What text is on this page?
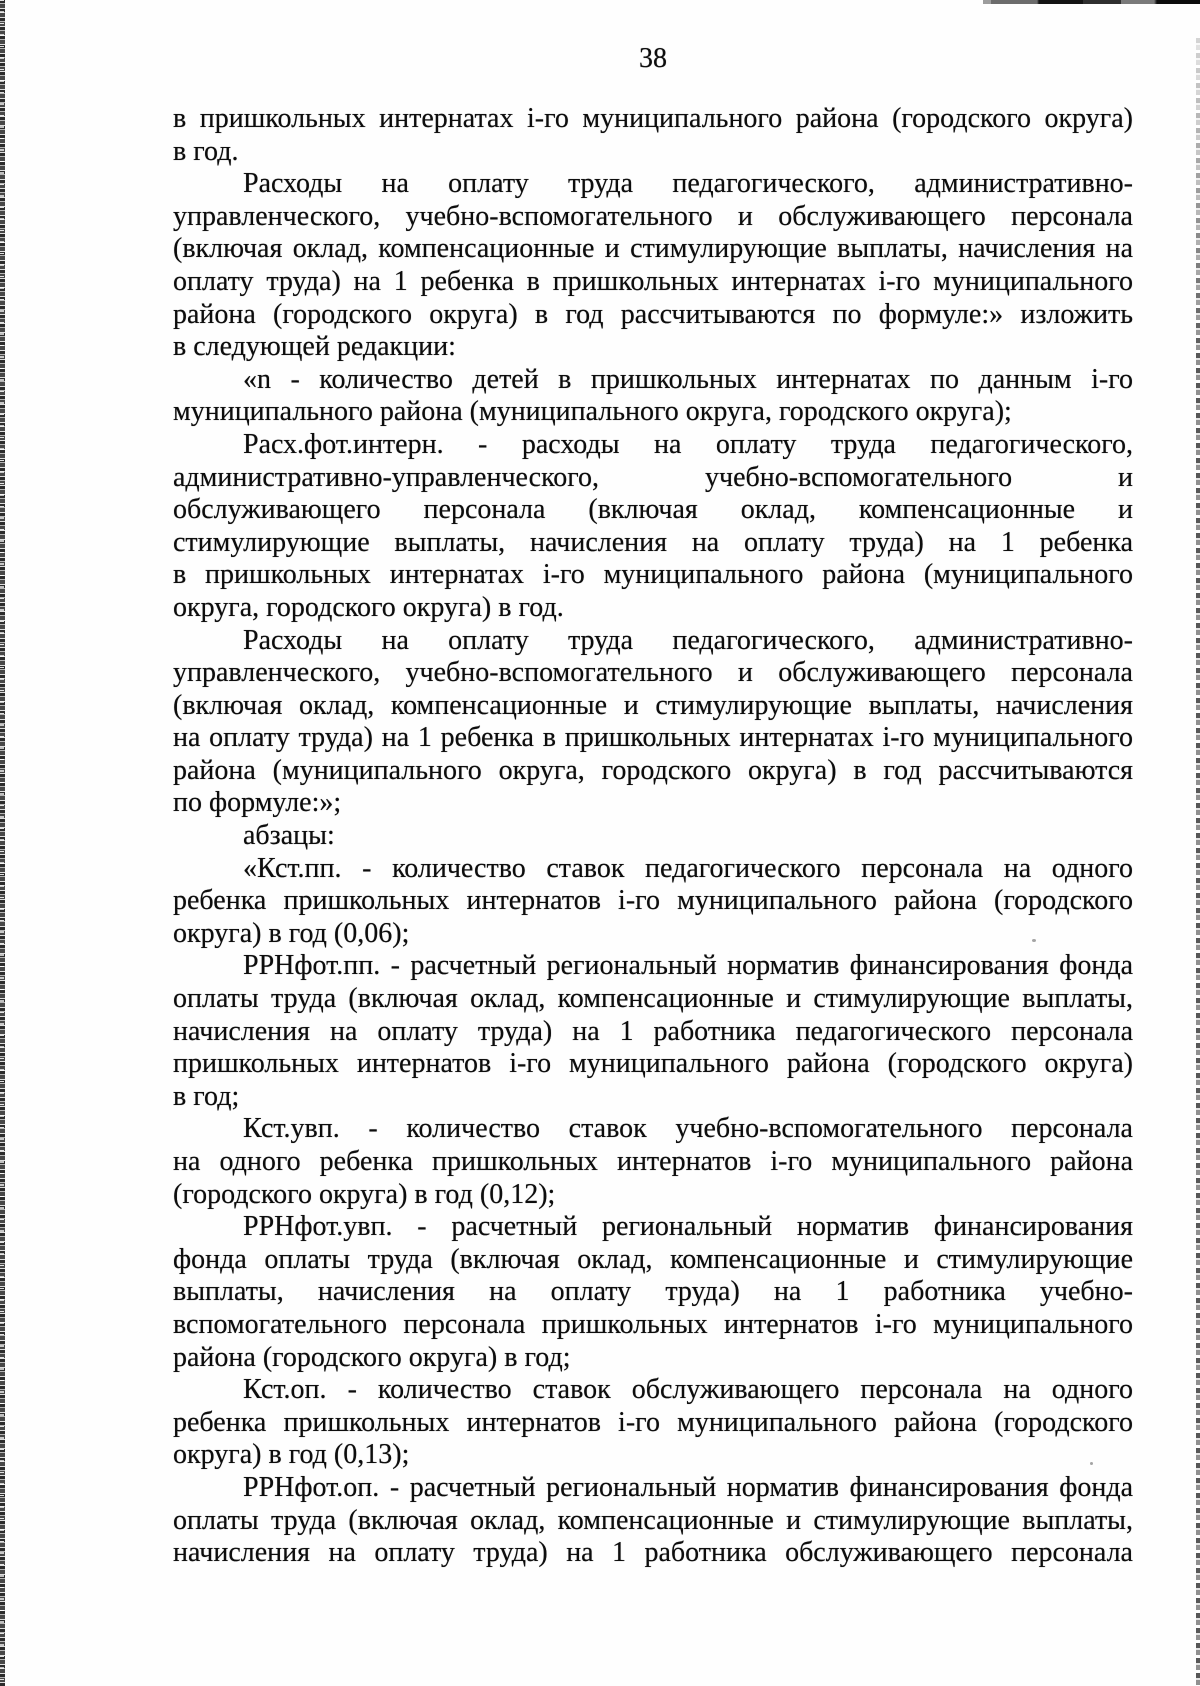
38
в пришкольных интернатах i-го муниципального района (городского округа)
в год.
Расходы на оплату труда педагогического, административно-
управленческого, учебно-вспомогательного и обслуживающего персонала
(включая оклад, компенсационные и стимулирующие выплаты, начисления на
оплату труда) на 1 ребенка в пришкольных интернатах i-го муниципального
района (городского округа) в год рассчитываются по формуле:» изложить
в следующей редакции:
«n - количество детей в пришкольных интернатах по данным i-го
муниципального района (муниципального округа, городского округа);
Расх.фот.интерн. - расходы на оплату труда педагогического,
административно-управленческого, учебно-вспомогательного и
обслуживающего персонала (включая оклад, компенсационные и
стимулирующие выплаты, начисления на оплату труда) на 1 ребенка
в пришкольных интернатах i-го муниципального района (муниципального
округа, городского округа) в год.
Расходы на оплату труда педагогического, административно-
управленческого, учебно-вспомогательного и обслуживающего персонала
(включая оклад, компенсационные и стимулирующие выплаты, начисления
на оплату труда) на 1 ребенка в пришкольных интернатах i-го муниципального
района (муниципального округа, городского округа) в год рассчитываются
по формуле:»;
абзацы:
«Кст.пп. - количество ставок педагогического персонала на одного
ребенка пришкольных интернатов i-го муниципального района (городского
округа) в год (0,06);
РРНфот.пп. - расчетный региональный норматив финансирования фонда
оплаты труда (включая оклад, компенсационные и стимулирующие выплаты,
начисления на оплату труда) на 1 работника педагогического персонала
пришкольных интернатов i-го муниципального района (городского округа)
в год;
Кст.увп. - количество ставок учебно-вспомогательного персонала
на одного ребенка пришкольных интернатов i-го муниципального района
(городского округа) в год (0,12);
РРНфот.увп. - расчетный региональный норматив финансирования
фонда оплаты труда (включая оклад, компенсационные и стимулирующие
выплаты, начисления на оплату труда) на 1 работника учебно-
вспомогательного персонала пришкольных интернатов i-го муниципального
района (городского округа) в год;
Кст.оп. - количество ставок обслуживающего персонала на одного
ребенка пришкольных интернатов i-го муниципального района (городского
округа) в год (0,13);
РРНфот.оп. - расчетный региональный норматив финансирования фонда
оплаты труда (включая оклад, компенсационные и стимулирующие выплаты,
начисления на оплату труда) на 1 работника обслуживающего персонала
